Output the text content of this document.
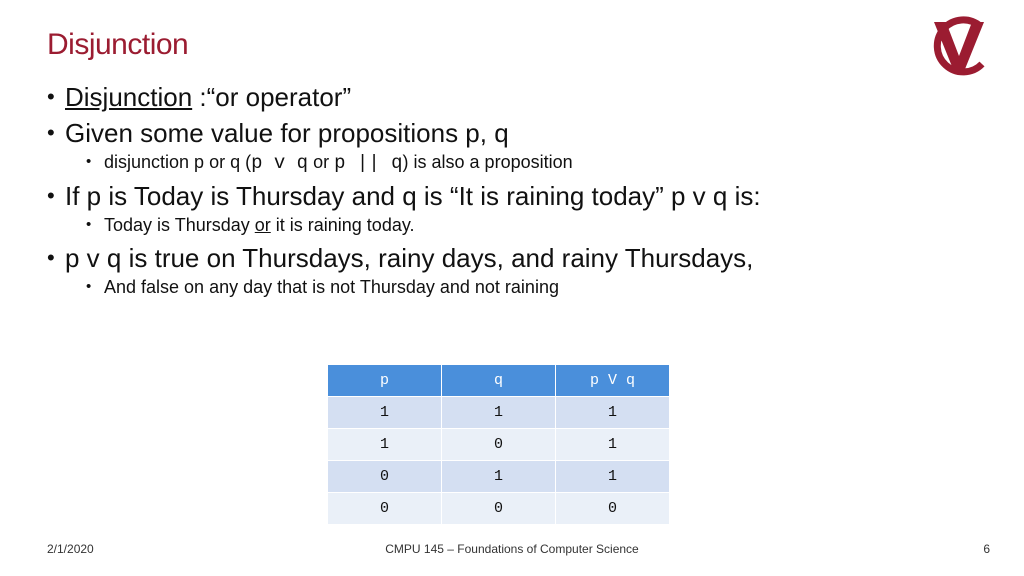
Disjunction
• Disjunction :“or operator”
• Given some value for propositions p, q
• disjunction p or q (p v q or p || q) is also a proposition
• If p is Today is Thursday and q is “It is raining today” p v q is:
• Today is Thursday or it is raining today.
• p v q is true on Thursdays, rainy days, and rainy Thursdays,
• And false on any day that is not Thursday and not raining
p	q	p V q
1	1	1
1	0	1
0	1	1
0	0	0
2/1/2020	CMPU 145 – Foundations of Computer Science	6
